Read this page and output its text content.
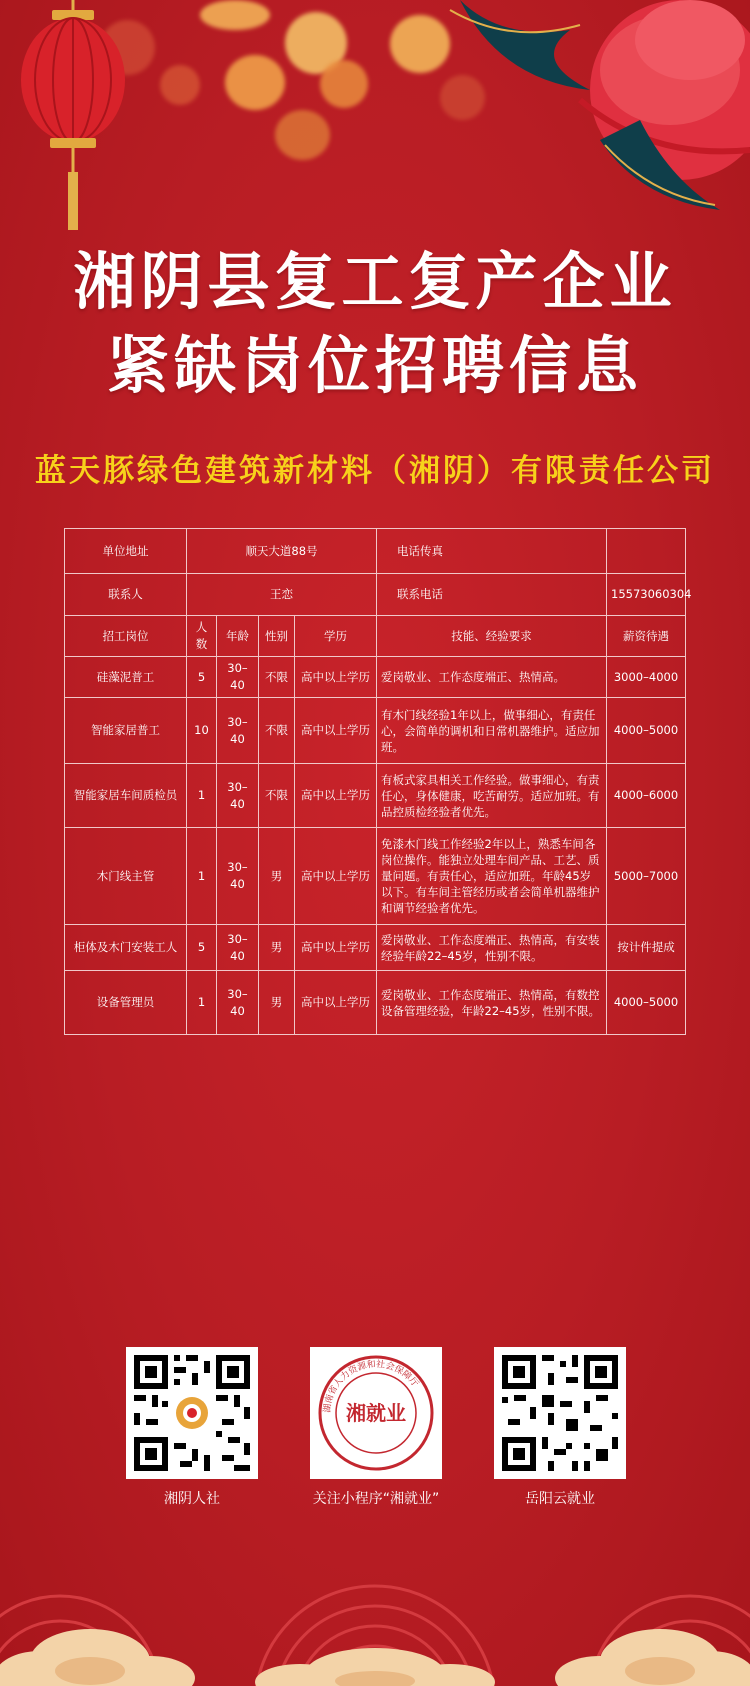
湘阴县复工复产企业
紧缺岗位招聘信息
蓝天豚绿色建筑新材料（湘阴）有限责任公司
单位地址	顺天大道88号				电话传真	
联系人	王恋				联系电话	15573060304
招工岗位	人数	年龄	性别	学历	技能、经验要求	薪资待遇
硅藻泥普工	5	30–40	不限	高中以上学历	爱岗敬业、工作态度端正、热情高。	3000–4000
智能家居普工	10	30–40	不限	高中以上学历	有木门线经验1年以上，做事细心，有责任心，会简单的调机和日常机器维护。适应加班。	4000–5000
智能家居车间质检员	1	30–40	不限	高中以上学历	有板式家具相关工作经验。做事细心，有责任心，身体健康，吃苦耐劳。适应加班。有品控质检经验者优先。	4000–6000
木门线主管	1	30–40	男	高中以上学历	免漆木门线工作经验2年以上，熟悉车间各岗位操作。能独立处理车间产品、工艺、质量问题。有责任心，适应加班。年龄45岁以下。有车间主管经历或者会简单机器维护和调节经验者优先。	5000–7000
柜体及木门安装工人	5	30–40	男	高中以上学历	爱岗敬业、工作态度端正、热情高，有安装经验年龄22–45岁，性别不限。	按计件提成
设备管理员	1	30–40	男	高中以上学历	爱岗敬业、工作态度端正、热情高，有数控设备管理经验，年龄22–45岁，性别不限。	4000–5000
湘阴人社
湖南省人力资源和社会保障厅
湘就业
关注小程序“湘就业”	岳阳云就业
